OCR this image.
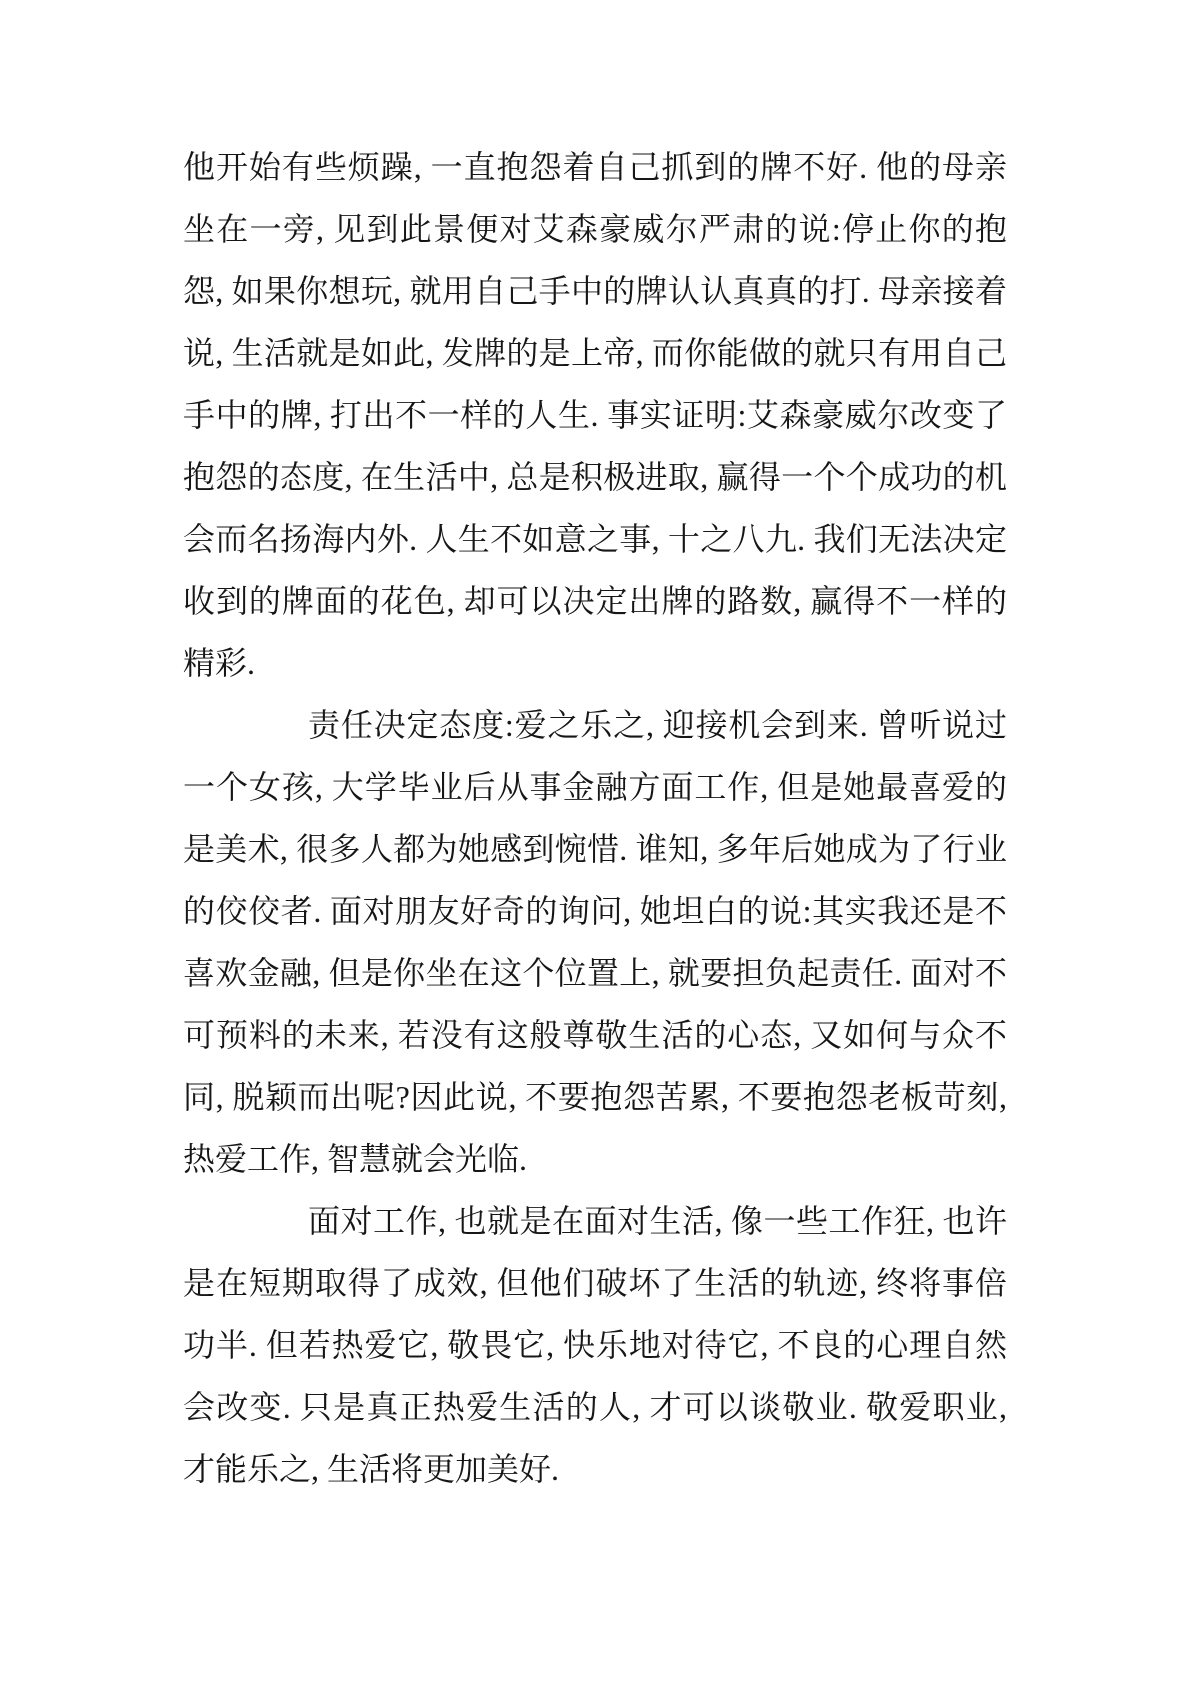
他开始有些烦躁, 一直抱怨着自己抓到的牌不好. 他的母亲
坐在一旁, 见到此景便对艾森豪威尔严肃的说:停止你的抱
怨, 如果你想玩, 就用自己手中的牌认认真真的打. 母亲接着
说, 生活就是如此, 发牌的是上帝, 而你能做的就只有用自己
手中的牌, 打出不一样的人生. 事实证明:艾森豪威尔改变了
抱怨的态度, 在生活中, 总是积极进取, 赢得一个个成功的机
会而名扬海内外. 人生不如意之事, 十之八九. 我们无法决定
收到的牌面的花色, 却可以决定出牌的路数, 赢得不一样的
精彩.
责任决定态度:爱之乐之, 迎接机会到来. 曾听说过
一个女孩, 大学毕业后从事金融方面工作, 但是她最喜爱的
是美术, 很多人都为她感到惋惜. 谁知, 多年后她成为了行业
的佼佼者. 面对朋友好奇的询问, 她坦白的说:其实我还是不
喜欢金融, 但是你坐在这个位置上, 就要担负起责任. 面对不
可预料的未来, 若没有这般尊敬生活的心态, 又如何与众不
同, 脱颖而出呢?因此说, 不要抱怨苦累, 不要抱怨老板苛刻,
热爱工作, 智慧就会光临.
面对工作, 也就是在面对生活, 像一些工作狂, 也许
是在短期取得了成效, 但他们破坏了生活的轨迹, 终将事倍
功半. 但若热爱它, 敬畏它, 快乐地对待它, 不良的心理自然
会改变. 只是真正热爱生活的人, 才可以谈敬业. 敬爱职业,
才能乐之, 生活将更加美好.
